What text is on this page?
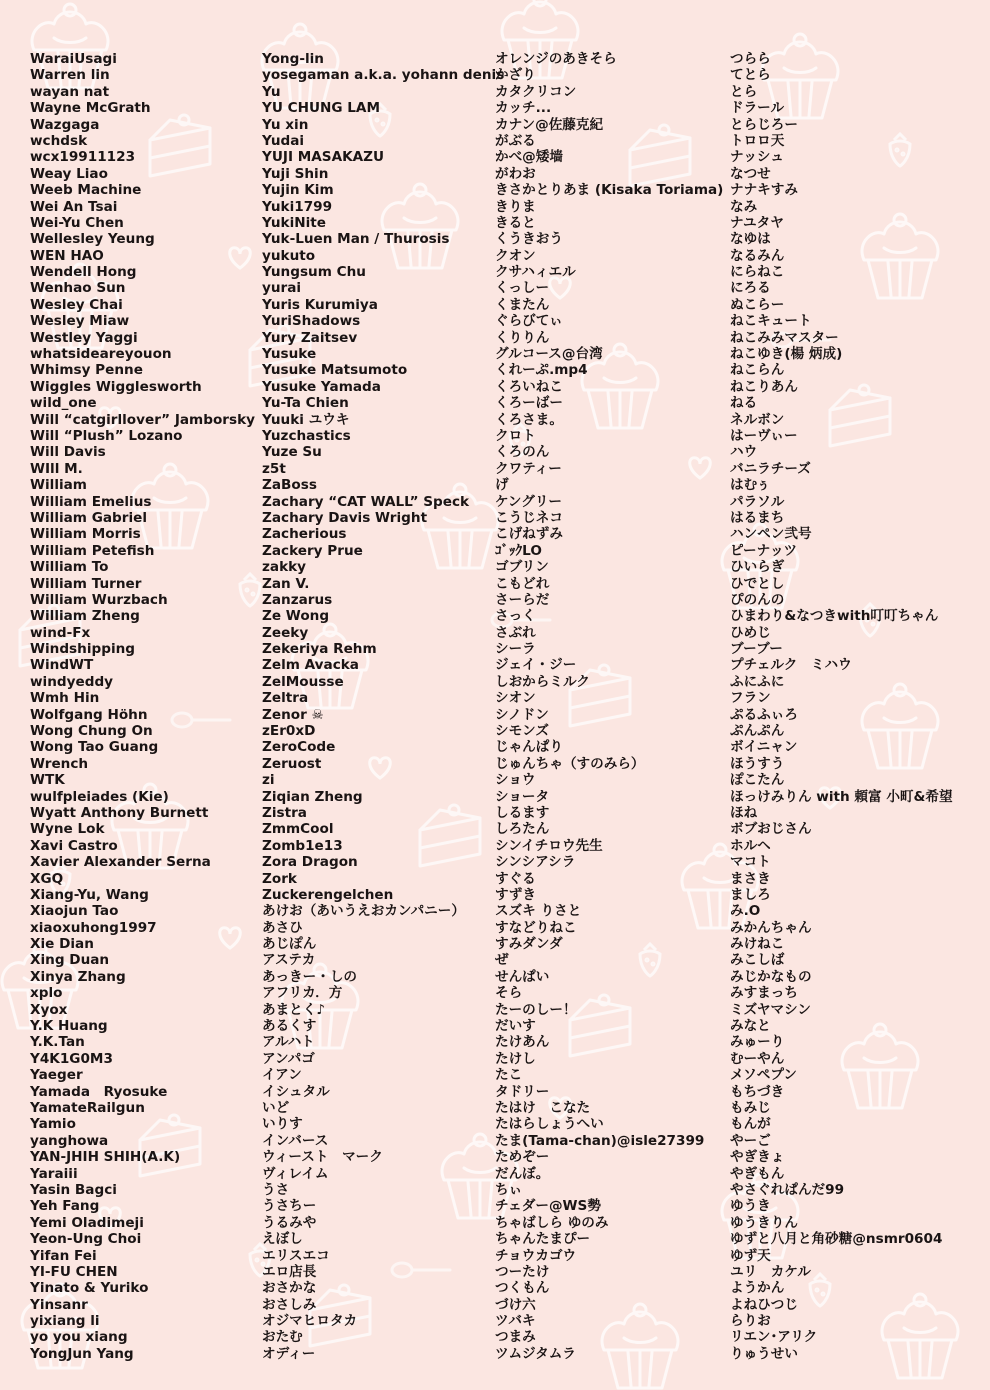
WaraiUsagi
Warren lin
wayan nat
Wayne McGrath
Wazgaga
wchdsk
wcx19911123
Weay Liao
Weeb Machine
Wei An Tsai
Wei-Yu Chen
Wellesley Yeung
WEN HAO
Wendell Hong
Wenhao Sun
Wesley Chai
Wesley Miaw
Westley Yaggi
whatsideareyouon
Whimsy Penne
Wiggles Wigglesworth
wild_one
Will “catgirllover” Jamborsky
Will “Plush” Lozano
Will Davis
WIll M.
William
William Emelius
William Gabriel
William Morris
William Petefish
William To
William Turner
William Wurzbach
William Zheng
wind-Fx
Windshipping
WindWT
windyeddy
Wmh Hin
Wolfgang Höhn
Wong Chung On
Wong Tao Guang
Wrench
WTK
wulfpleiades (Kie)
Wyatt Anthony Burnett
Wyne Lok
Xavi Castro
Xavier Alexander Serna
XGQ
Xiang-Yu, Wang
Xiaojun Tao
xiaoxuhong1997
Xie Dian
Xing Duan
Xinya Zhang
xplo
Xyox
Y.K Huang
Y.K.Tan
Y4K1G0M3
Yaeger
Yamada　Ryosuke
YamateRailgun
Yamio
yanghowa
YAN-JHIH SHIH(A.K)
Yaraiii
Yasin Bagci
Yeh Fang
Yemi Oladimeji
Yeon-Ung Choi
Yifan Fei
YI-FU CHEN
Yinato & Yuriko
Yinsanr
yixiang li
yo you xiang
YongJun Yang
Yong-lin
yosegaman a.k.a. yohann denis
Yu
YU CHUNG LAM
Yu xin
Yudai
YUJI MASAKAZU
Yuji Shin
Yujin Kim
Yuki1799
YukiNite
Yuk-Luen Man / Thurosis
yukuto
Yungsum Chu
yurai
Yuris Kurumiya
YuriShadows
Yury Zaitsev
Yusuke
Yusuke Matsumoto
Yusuke Yamada
Yu-Ta Chien
Yuuki ユウキ
Yuzchastics
Yuze Su
z5t
ZaBoss
Zachary “CAT WALL” Speck
Zachary Davis Wright
Zacherious
Zackery Prue
zakky
Zan V.
Zanzarus
Ze Wong
Zeeky
Zekeriya Rehm
Zelm Avacka
ZelMousse
Zeltra
Zenor ☠
zEr0xD
ZeroCode
Zeruost
zi
Ziqian Zheng
Zistra
ZmmCool
Zomb1e13
Zora Dragon
Zork
Zuckerengelchen
あけお（あいうえおカンパニー）
あさひ
あじぽん
アステカ
あっきー・しの
アフリカ．方
あまとく♪
あるくす
アルハト
アンパゴ
イアン
イシュタル
いど
いりす
インバース
ウィースト　マーク
ヴィレイム
うさ
うさちー
うるみや
えぼし
エリスエコ
エロ店長
おさかな
おさしみ
オジマヒロタカ
おたむ
オディー
オレンジのあきそら
かざり
カタクリコン
カッチ...
カナン@佐藤克紀
がぶる
かべ@矮墙
がわお
きさかとりあま (Kisaka Toriama)
きりま
きると
くうきおう
クオン
クサハィエル
くっしー
くまたん
ぐらびてぃ
くりりん
グルコース@台湾
くれーぷ.mp4
くろいねこ
くろーばー
くろさま。
クロト
くろのん
クワティー
げ
ケングリー
こうじネコ
こげねずみ
ｺﾞｯｸLO
ゴブリン
こもどれ
さーらだ
さっく
さぶれ
シーラ
ジェイ・ジー
しおからミルク
シオン
シノドン
シモンズ
じゃんぱり
じゅんちゃ（すのみら）
ショウ
ショータ
しるます
しろたん
シンイチロウ先生
シンシアシラ
すぐる
すずき
スズキ りさと
すなどりねこ
すみダンダ
ぜ
せんぱい
そら
たーのしー！
だいす
たけあん
たけし
たこ
タドリー
たはけ　こなた
たはらしょうへい
たま(Tama-chan)@isle27399
ためぞー
だんぼ。
ちぃ
チェダー@WS勢
ちゃばしら ゆのみ
ちゃんたまぴー
チョウカゴウ
つーたけ
つくもん
づけ六
ツバキ
つまみ
ツムジタムラ
つらら
てとら
とら
ドラール
とらじろー
トロロ天
ナッシュ
なつせ
ナナキすみ
なみ
ナユタヤ
なゆは
なるみん
にらねこ
にろる
ぬこらー
ねこキュート
ねこみみマスター
ねこゆき(楊 炳成)
ねこらん
ねこりあん
ねる
ネルボン
はーヴぃー
ハウ
バニラチーズ
はむぅ
パラソル
はるまち
ハンペン弐号
ピーナッツ
ひいらぎ
ひでとし
ぴのんの
ひまわり&なつきwith叮叮ちゃん
ひめじ
ブーブー
プチェルク　ミハウ
ふにふに
フラン
ぷるふぃろ
ぷんぷん
ボイニャン
ほうすう
ぽこたん
ほっけみりん with 頼富 小町&希望
ほね
ボブおじさん
ホルヘ
マコト
まさき
ましろ
み.O
みかんちゃん
みけねこ
みこしば
みじかなもの
みすまっち
ミズヤマシン
みなと
みゅーり
むーやん
メソペプン
もちづき
もみじ
もんが
やーご
やぎきょ
やぎもん
やさぐれぱんだ99
ゆうき
ゆうきりん
ゆずと八月と角砂糖@nsmr0604
ゆず天
ユリ　カケル
ようかん
よねひつじ
らりお
リエン･アリク
りゅうせい
